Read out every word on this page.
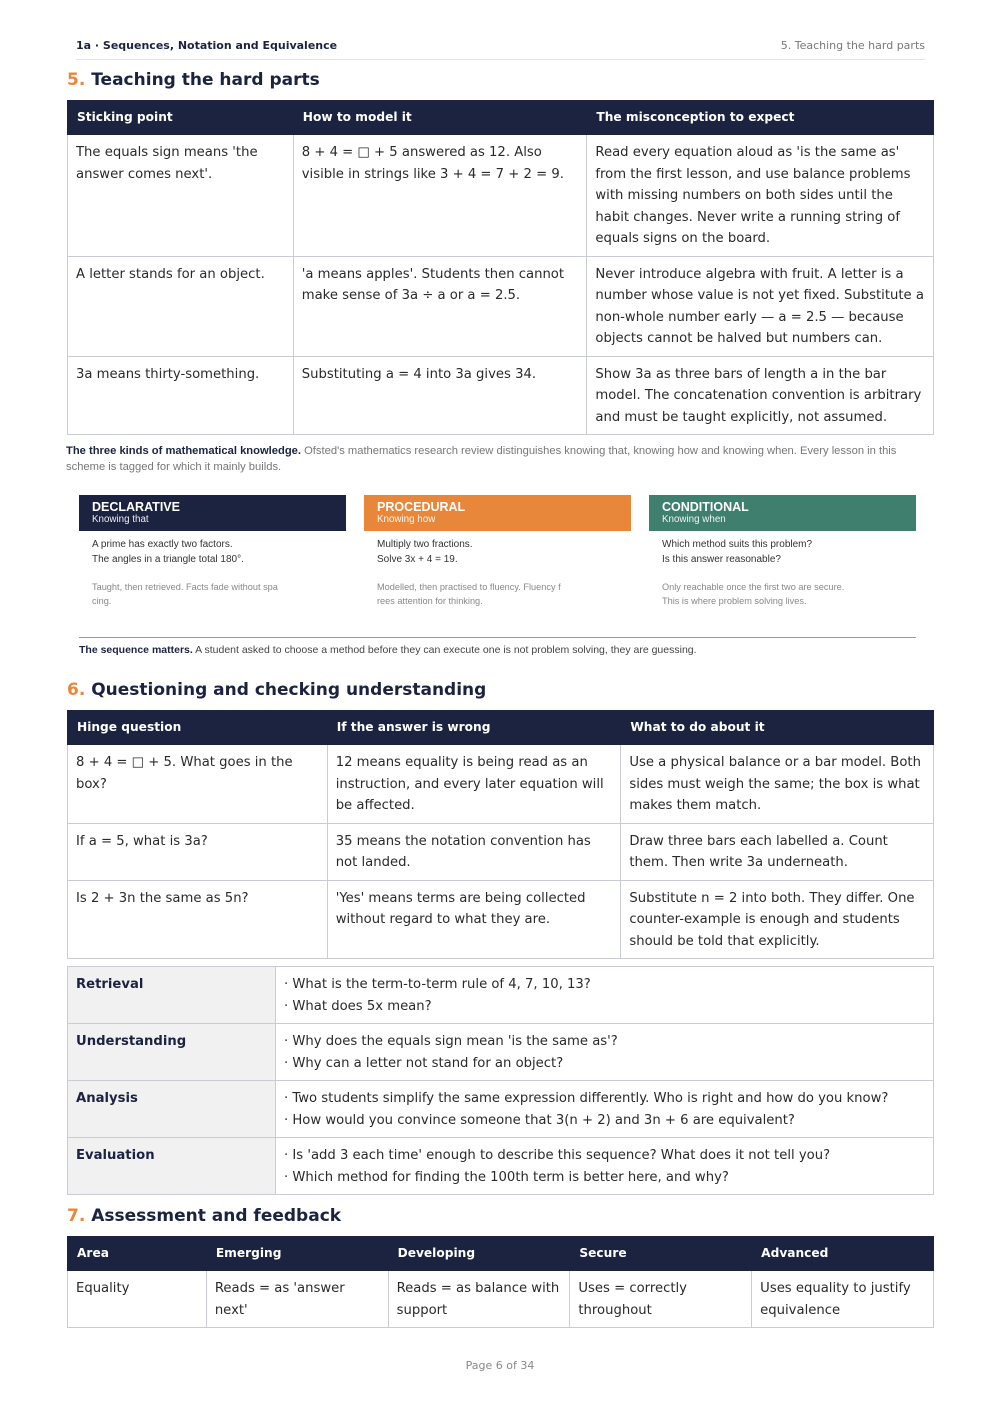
1a · Sequences, Notation and Equivalence	5. Teaching the hard parts
5. Teaching the hard parts
Sticking point	How to model it	The misconception to expect
The equals sign means 'the answer comes next'.	8 + 4 = □ + 5 answered as 12. Also visible in strings like 3 + 4 = 7 + 2 = 9.	Read every equation aloud as 'is the same as' from the first lesson, and use balance problems with missing numbers on both sides until the habit changes. Never write a running string of equals signs on the board.
A letter stands for an object.	'a means apples'. Students then cannot make sense of 3a ÷ a or a = 2.5.	Never introduce algebra with fruit. A letter is a number whose value is not yet fixed. Substitute a non-whole number early — a = 2.5 — because objects cannot be halved but numbers can.
3a means thirty-something.	Substituting a = 4 into 3a gives 34.	Show 3a as three bars of length a in the bar model. The concatenation convention is arbitrary and must be taught explicitly, not assumed.

The three kinds of mathematical knowledge. Ofsted's mathematics research review distinguishes knowing that, knowing how and knowing when. Every lesson in this scheme is tagged for which it mainly builds.

DECLARATIVE
Knowing that
A prime has exactly two factors.
The angles in a triangle total 180°.
Taught, then retrieved. Facts fade without spa
cing.
PROCEDURAL
Knowing how
Multiply two fractions.
Solve 3x + 4 = 19.
Modelled, then practised to fluency. Fluency f
rees attention for thinking.
CONDITIONAL
Knowing when
Which method suits this problem?
Is this answer reasonable?
Only reachable once the first two are secure.
This is where problem solving lives.

The sequence matters. A student asked to choose a method before they can execute one is not problem solving, they are guessing.

6. Questioning and checking understanding
Hinge question	If the answer is wrong	What to do about it
8 + 4 = □ + 5. What goes in the box?	12 means equality is being read as an instruction, and every later equation will be affected.	Use a physical balance or a bar model. Both sides must weigh the same; the box is what makes them match.
If a = 5, what is 3a?	35 means the notation convention has not landed.	Draw three bars each labelled a. Count them. Then write 3a underneath.
Is 2 + 3n the same as 5n?	'Yes' means terms are being collected without regard to what they are.	Substitute n = 2 into both. They differ. One counter-example is enough and students should be told that explicitly.
Retrieval	· What is the term-to-term rule of 4, 7, 10, 13?
· What does 5x mean?

Understanding	· Why does the equals sign mean 'is the same as'?
· Why can a letter not stand for an object?

Analysis	· Two students simplify the same expression differently. Who is right and how do you know?
· How would you convince someone that 3(n + 2) and 3n + 6 are equivalent?

Evaluation	· Is 'add 3 each time' enough to describe this sequence? What does it not tell you?
· Which method for finding the 100th term is better here, and why?
7. Assessment and feedback
Area	Emerging	Developing	Secure	Advanced
Equality	Reads = as 'answer next'	Reads = as balance with support	Uses = correctly throughout	Uses equality to justify equivalence
Page 6 of 34
